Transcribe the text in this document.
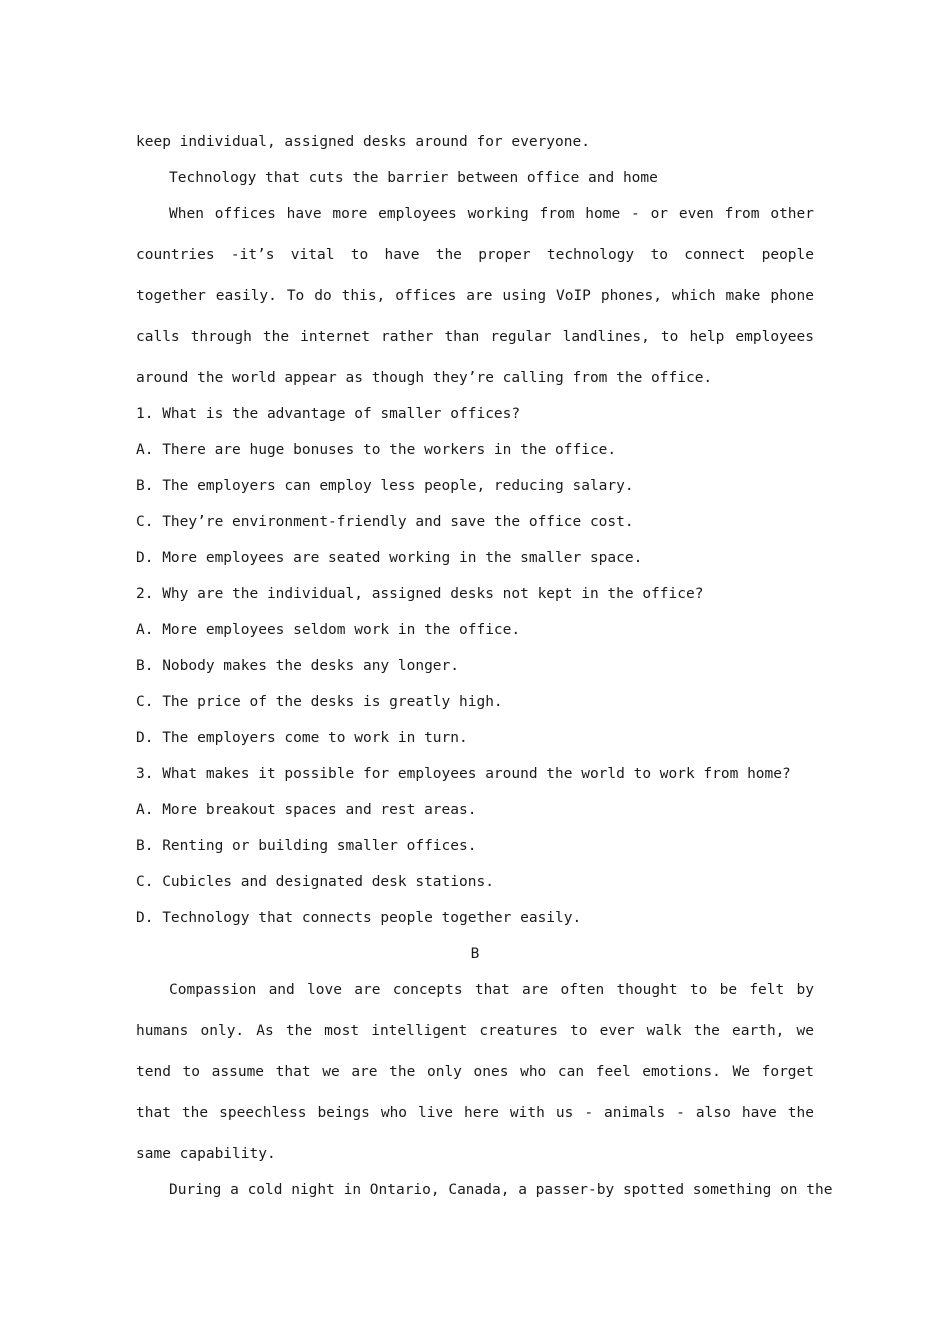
keep individual, assigned desks around for everyone.
Technology that cuts the barrier between office and home

When offices have more employees working from home - or even from other countries -it’s vital to have the proper technology to connect people together easily. To do this, offices are using VoIP phones, which make phone calls through the internet rather than regular landlines, to help employees around the world appear as though they’re calling from the office.

1. What is the advantage of smaller offices?
A. There are huge bonuses to the workers in the office.
B. The employers can employ less people, reducing salary.
C. They’re environment-friendly and save the office cost.
D. More employees are seated working in the smaller space.
2. Why are the individual, assigned desks not kept in the office?
A. More employees seldom work in the office.
B. Nobody makes the desks any longer.
C. The price of the desks is greatly high.
D. The employers come to work in turn.
3. What makes it possible for employees around the world to work from home?
A. More breakout spaces and rest areas.
B. Renting or building smaller offices.
C. Cubicles and designated desk stations.
D. Technology that connects people together easily.
B

Compassion and love are concepts that are often thought to be felt by humans only. As the most intelligent creatures to ever walk the earth, we tend to assume that we are the only ones who can feel emotions. We forget that the speechless beings who live here with us - animals - also have the same capability.

During a cold night in Ontario, Canada, a passer-by spotted something on the
